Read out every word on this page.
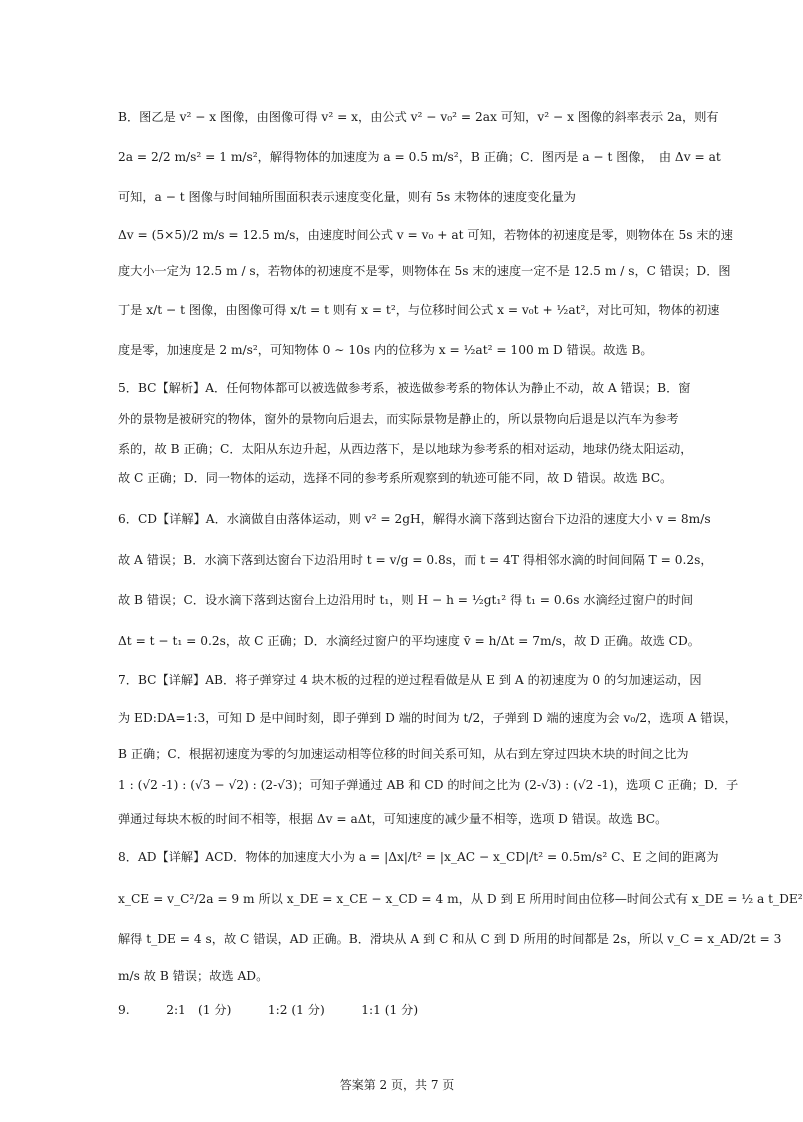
B．图乙是 v² − x 图像，由图像可得 v² = x，由公式 v² − v₀² = 2ax 可知，v² − x 图像的斜率表示 2a，则有
2a = 2/2 m/s² = 1 m/s²，解得物体的加速度为 a = 0.5 m/s²，B 正确；C．图丙是 a − t 图像，　由 Δv = at
可知，a − t 图像与时间轴所围面积表示速度变化量，则有 5s 末物体的速度变化量为
Δv = (5×5)/2 m/s = 12.5 m/s，由速度时间公式 v = v₀ + at 可知，若物体的初速度是零，则物体在 5s 末的速
度大小一定为 12.5 m / s，若物体的初速度不是零，则物体在 5s 末的速度一定不是 12.5 m / s，C 错误；D．图
丁是 x/t − t 图像，由图像可得 x/t = t 则有 x = t²，与位移时间公式 x = v₀t + ½at²，对比可知，物体的初速
度是零，加速度是 2 m/s²，可知物体 0 ∼ 10s 内的位移为 x = ½at² = 100 m D 错误。故选 B。
5．BC【解析】A．任何物体都可以被选做参考系，被选做参考系的物体认为静止不动，故 A 错误；B．窗
外的景物是被研究的物体，窗外的景物向后退去，而实际景物是静止的，所以景物向后退是以汽车为参考
系的，故 B 正确；C．太阳从东边升起，从西边落下，是以地球为参考系的相对运动，地球仍绕太阳运动，
故 C 正确；D．同一物体的运动，选择不同的参考系所观察到的轨迹可能不同，故 D 错误。故选 BC。
6．CD【详解】A．水滴做自由落体运动，则 v² = 2gH，解得水滴下落到达窗台下边沿的速度大小 v = 8m/s
故 A 错误；B．水滴下落到达窗台下边沿用时 t = v/g = 0.8s，而 t = 4T 得相邻水滴的时间间隔 T = 0.2s，
故 B 错误；C．设水滴下落到达窗台上边沿用时 t₁，则 H − h = ½gt₁² 得 t₁ = 0.6s 水滴经过窗户的时间
Δt = t − t₁ = 0.2s，故 C 正确；D．水滴经过窗户的平均速度 v̄ = h/Δt = 7m/s，故 D 正确。故选 CD。
7．BC【详解】AB．将子弹穿过 4 块木板的过程的逆过程看做是从 E 到 A 的初速度为 0 的匀加速运动，因
为 ED:DA=1:3，可知 D 是中间时刻，即子弹到 D 端的时间为 t/2，子弹到 D 端的速度为会 v₀/2，选项 A 错误，
B 正确；C．根据初速度为零的匀加速运动相等位移的时间关系可知，从右到左穿过四块木块的时间之比为
1 : (√2 -1) : (√3 − √2) : (2-√3)；可知子弹通过 AB 和 CD 的时间之比为 (2-√3) : (√2 -1)，选项 C 正确；D．子
弹通过每块木板的时间不相等，根据 Δv = aΔt，可知速度的减少量不相等，选项 D 错误。故选 BC。
8．AD【详解】ACD．物体的加速度大小为 a = |Δx|/t² = |x_AC − x_CD|/t² = 0.5m/s² C、E 之间的距离为
x_CE = v_C²/2a = 9 m 所以 x_DE = x_CE − x_CD = 4 m，从 D 到 E 所用时间由位移—时间公式有 x_DE = ½ a t_DE²
解得 t_DE = 4 s，故 C 错误，AD 正确。B．滑块从 A 到 C 和从 C 到 D 所用的时间都是 2s，所以 v_C = x_AD/2t = 3
m/s 故 B 错误；故选 AD。
9.　　　2:1　(1 分)　　　1:2 (1 分)　　　1:1 (1 分)
答案第 2 页，共 7 页
